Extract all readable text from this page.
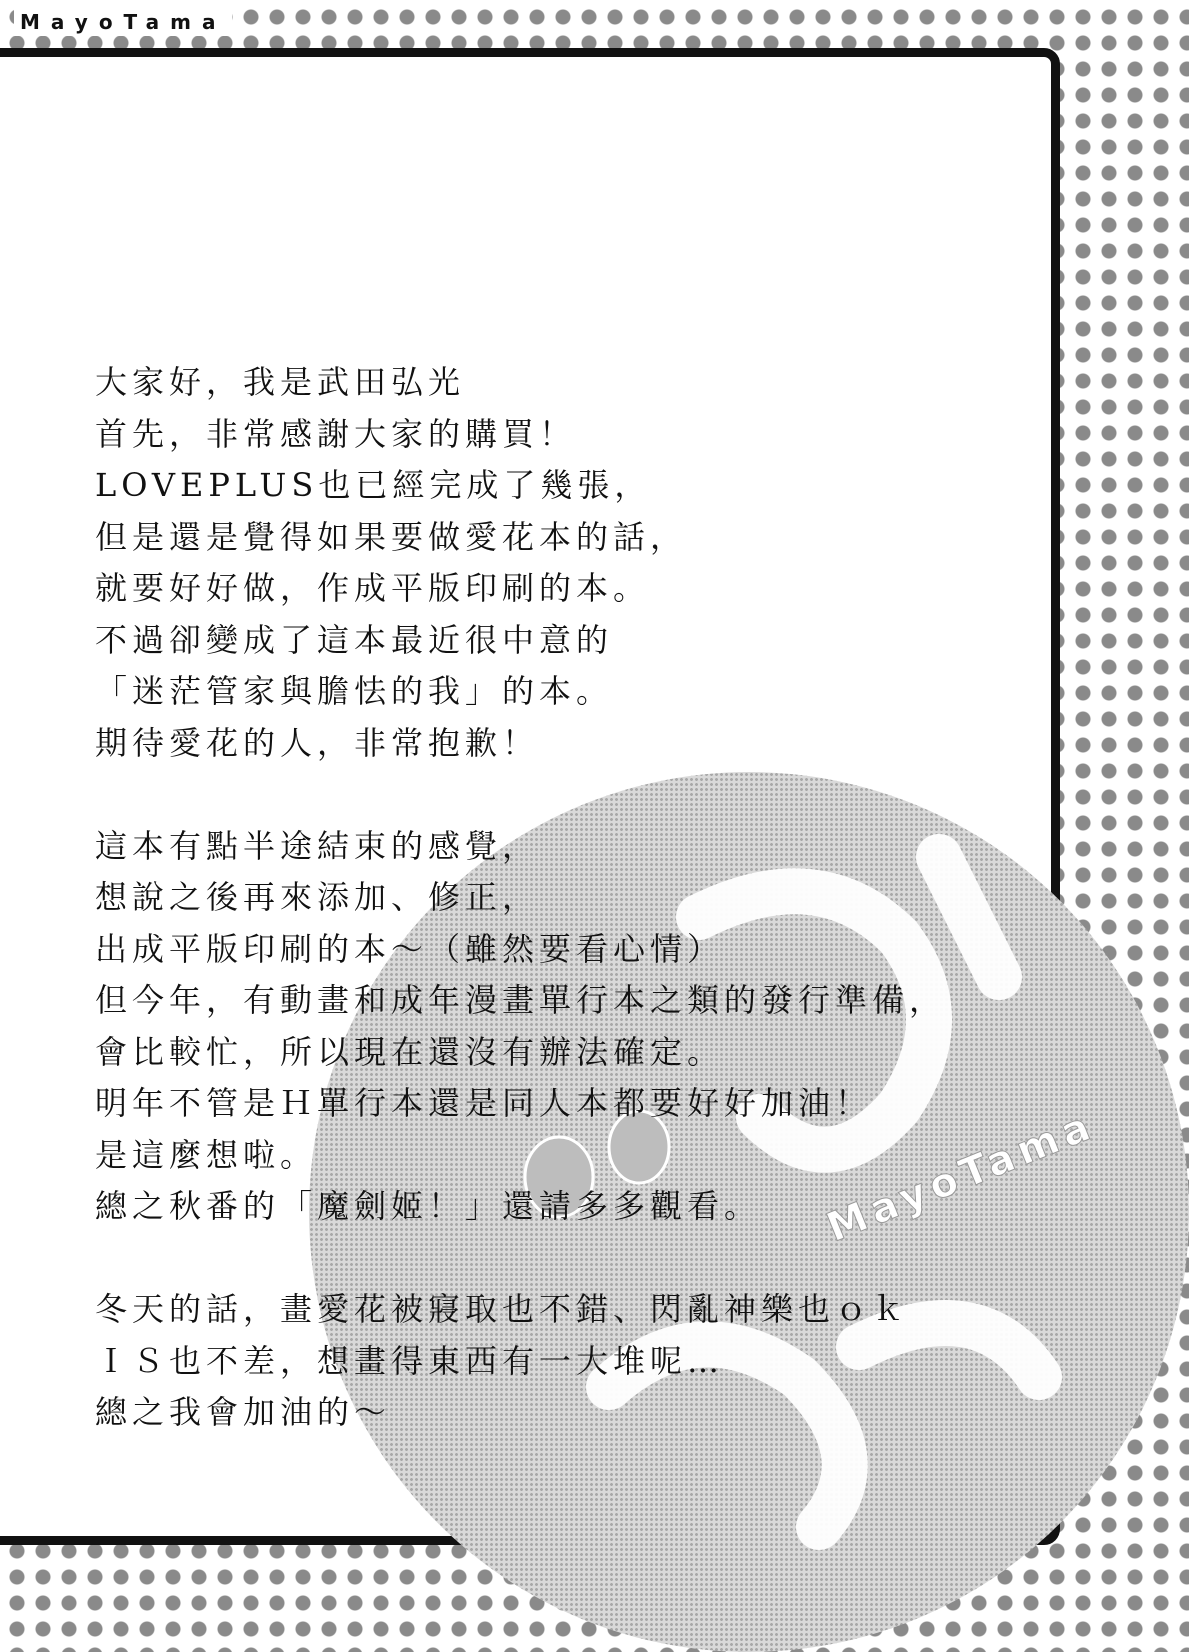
MayoTama
MayoTama

大家好，我是武田弘光
首先，非常感謝大家的購買！
LOVEPLUS也已經完成了幾張，
但是還是覺得如果要做愛花本的話，
就要好好做，作成平版印刷的本。
不過卻變成了這本最近很中意的
「迷茫管家與膽怯的我」的本。
期待愛花的人，非常抱歉！

這本有點半途結束的感覺，
想說之後再來添加、修正，
出成平版印刷的本～（雖然要看心情）
但今年，有動畫和成年漫畫單行本之類的發行準備，
會比較忙，所以現在還沒有辦法確定。
明年不管是Ｈ單行本還是同人本都要好好加油！
是這麼想啦。
總之秋番的「魔劍姬！」還請多多觀看。

冬天的話，畫愛花被寢取也不錯、閃亂神樂也ｏｋ
ＩＳ也不差，想畫得東西有一大堆呢…
總之我會加油的～
